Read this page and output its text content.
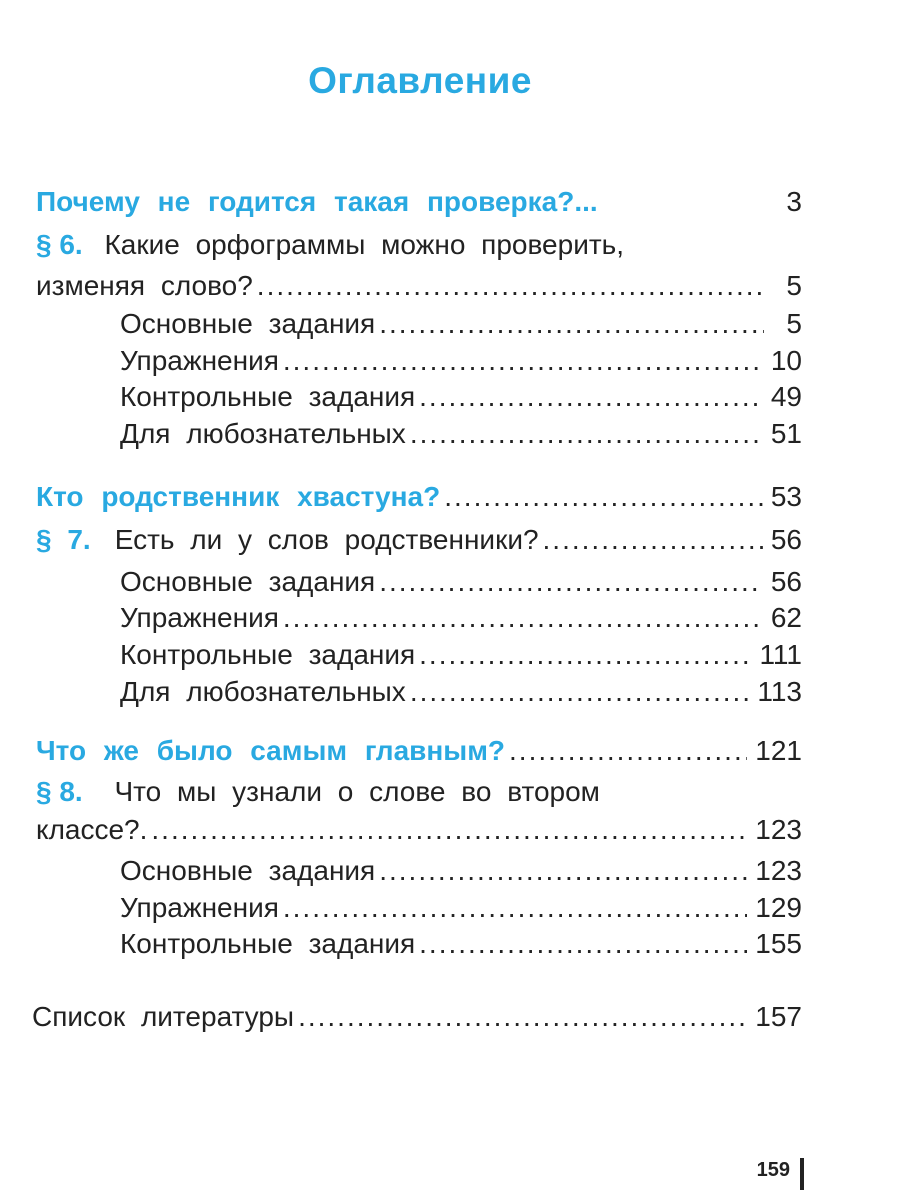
Оглавление
Почему не годится такая проверка? ...	3
§ 6. Какие орфограммы можно проверить,
изменяя слово? .....	5
Основные задания .....	5
Упражнения .....	10
Контрольные задания .....	49
Для любознательных .....	51
Кто родственник хвастуна? .....	53
§ 7. Есть ли у слов родственники? .....	56
Основные задания .....	56
Упражнения .....	62
Контрольные задания .....	111
Для любознательных .....	113
Что же было самым главным? .....	121
§ 8. Что мы узнали о слове во втором
классе?. .....	123
Основные задания .....	123
Упражнения .....	129
Контрольные задания .....	155
Список литературы .....	157
159
